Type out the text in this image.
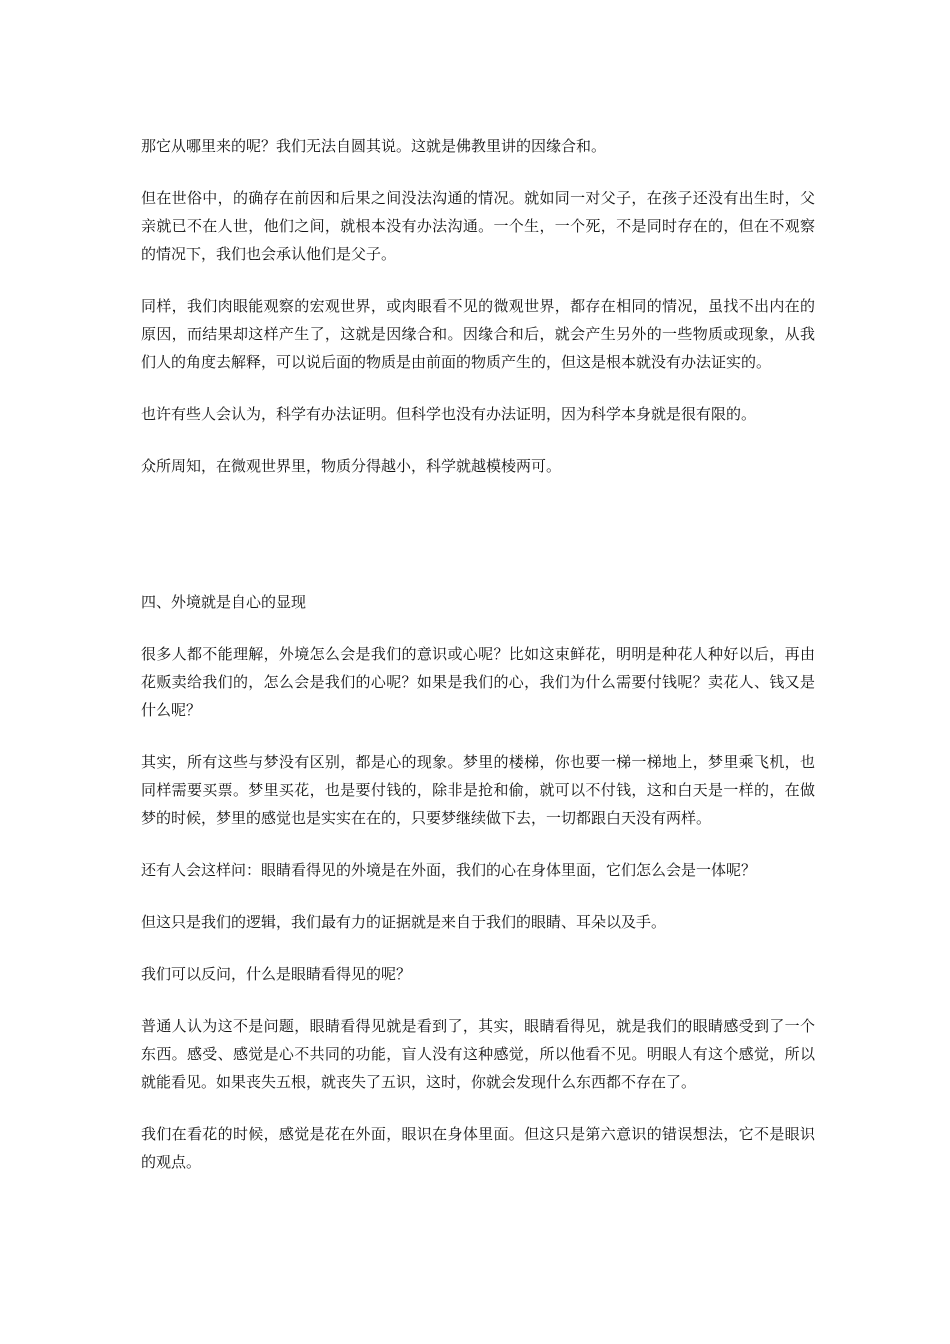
那它从哪里来的呢？我们无法自圆其说。这就是佛教里讲的因缘合和。

但在世俗中，的确存在前因和后果之间没法沟通的情况。就如同一对父子，在孩子还没有出生时，父亲就已不在人世，他们之间，就根本没有办法沟通。一个生，一个死，不是同时存在的，但在不观察的情况下，我们也会承认他们是父子。

同样，我们肉眼能观察的宏观世界，或肉眼看不见的微观世界，都存在相同的情况，虽找不出内在的原因，而结果却这样产生了，这就是因缘合和。因缘合和后，就会产生另外的一些物质或现象，从我们人的角度去解释，可以说后面的物质是由前面的物质产生的，但这是根本就没有办法证实的。

也许有些人会认为，科学有办法证明。但科学也没有办法证明，因为科学本身就是很有限的。

众所周知，在微观世界里，物质分得越小，科学就越模棱两可。

四、外境就是自心的显现

很多人都不能理解，外境怎么会是我们的意识或心呢？比如这束鲜花，明明是种花人种好以后，再由花贩卖给我们的，怎么会是我们的心呢？如果是我们的心，我们为什么需要付钱呢？卖花人、钱又是什么呢？

其实，所有这些与梦没有区别，都是心的现象。梦里的楼梯，你也要一梯一梯地上，梦里乘飞机，也同样需要买票。梦里买花，也是要付钱的，除非是抢和偷，就可以不付钱，这和白天是一样的，在做梦的时候，梦里的感觉也是实实在在的，只要梦继续做下去，一切都跟白天没有两样。

还有人会这样问：眼睛看得见的外境是在外面，我们的心在身体里面，它们怎么会是一体呢？

但这只是我们的逻辑，我们最有力的证据就是来自于我们的眼睛、耳朵以及手。

我们可以反问，什么是眼睛看得见的呢？

普通人认为这不是问题，眼睛看得见就是看到了，其实，眼睛看得见，就是我们的眼睛感受到了一个东西。感受、感觉是心不共同的功能，盲人没有这种感觉，所以他看不见。明眼人有这个感觉，所以就能看见。如果丧失五根，就丧失了五识，这时，你就会发现什么东西都不存在了。

我们在看花的时候，感觉是花在外面，眼识在身体里面。但这只是第六意识的错误想法，它不是眼识的观点。
